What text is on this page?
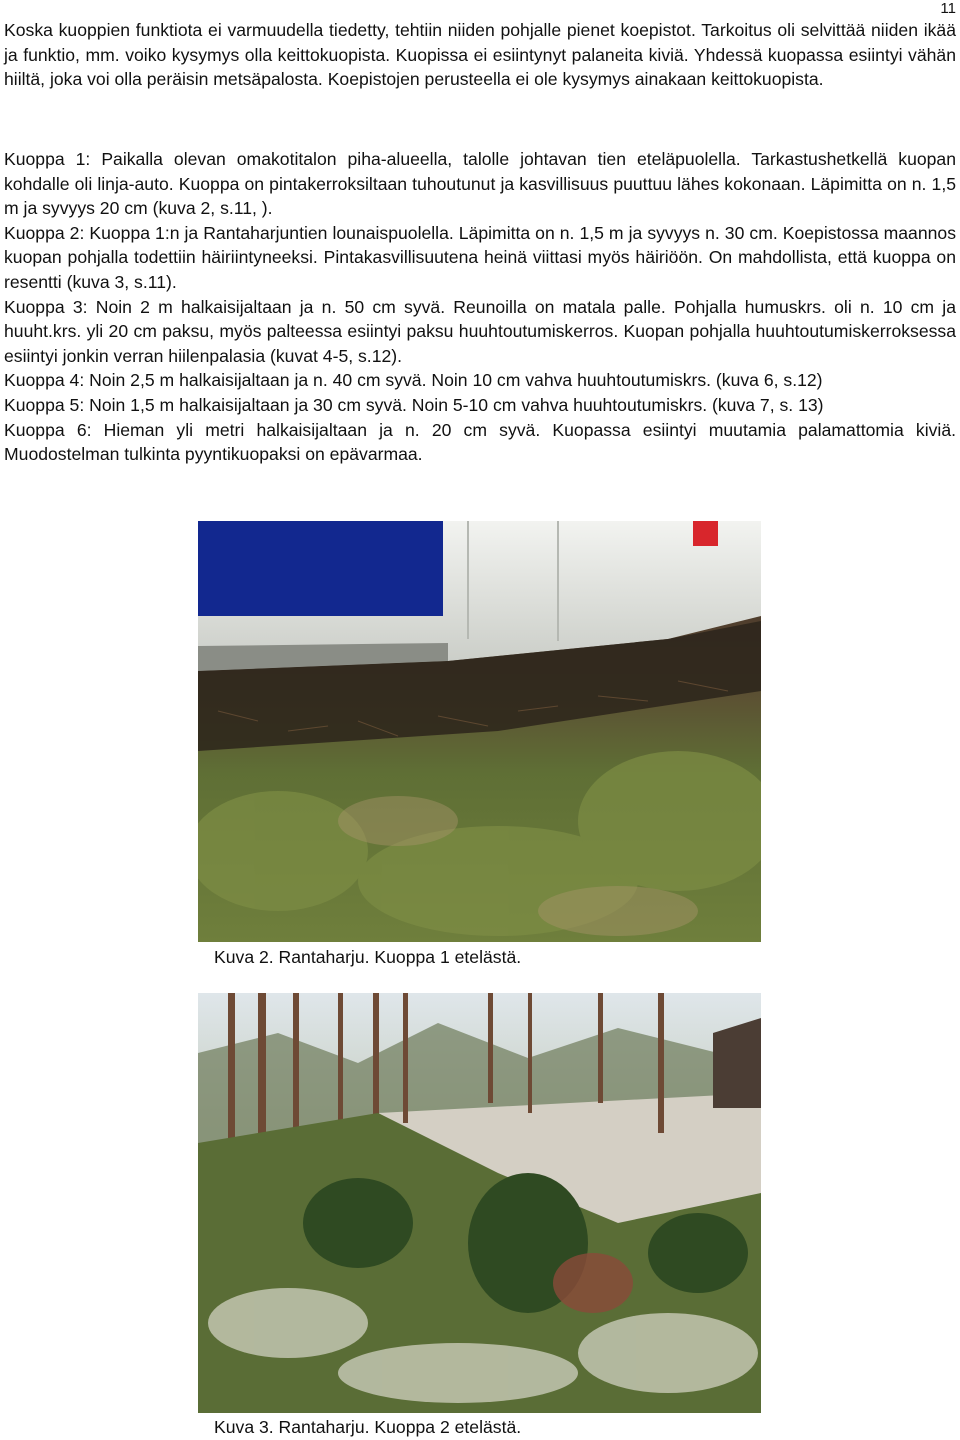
11

Koska kuoppien funktiota ei varmuudella tiedetty, tehtiin niiden pohjalle pienet koepistot. Tarkoitus oli selvittää niiden ikää ja funktio, mm. voiko kysymys olla keittokuopista. Kuopissa ei esiintynyt palaneita kiviä. Yhdessä kuopassa esiintyi vähän hiiltä, joka voi olla peräisin metsäpalosta. Koepistojen perusteella ei ole kysymys ainakaan keittokuopista.

Kuoppa 1: Paikalla olevan omakotitalon piha-alueella, talolle johtavan tien eteläpuolella. Tarkastushetkellä kuopan kohdalle oli linja-auto. Kuoppa on pintakerroksiltaan tuhoutunut ja kasvillisuus puuttuu lähes kokonaan. Läpimitta on n. 1,5 m ja syvyys 20 cm (kuva 2, s.11, ).

Kuoppa 2: Kuoppa 1:n ja Rantaharjuntien lounaispuolella. Läpimitta on n. 1,5 m ja syvyys n. 30 cm. Koepistossa maannos kuopan pohjalla todettiin häiriintyneeksi. Pintakasvillisuutena heinä viittasi myös häiriöön. On mahdollista, että kuoppa on resentti (kuva 3, s.11).

Kuoppa 3: Noin 2 m halkaisijaltaan ja n. 50 cm syvä. Reunoilla on matala palle. Pohjalla humuskrs. oli n. 10 cm ja huuht.krs. yli 20 cm paksu, myös palteessa esiintyi paksu huuhtoutumiskerros. Kuopan pohjalla huuhtoutumiskerroksessa esiintyi jonkin verran hiilenpalasia (kuvat 4-5, s.12).

Kuoppa 4: Noin 2,5 m halkaisijaltaan ja n. 40 cm syvä. Noin 10 cm vahva huuhtoutumiskrs. (kuva 6, s.12)

Kuoppa 5: Noin 1,5 m halkaisijaltaan ja 30 cm syvä. Noin 5-10 cm vahva huuhtoutumiskrs. (kuva 7, s. 13)

Kuoppa 6: Hieman yli metri halkaisijaltaan ja n. 20 cm syvä. Kuopassa esiintyi muutamia palamattomia kiviä. Muodostelman tulkinta pyyntikuopaksi on epävarmaa.

Kuva 2. Rantaharju. Kuoppa 1 etelästä.
Kuva 3. Rantaharju. Kuoppa 2 etelästä.
